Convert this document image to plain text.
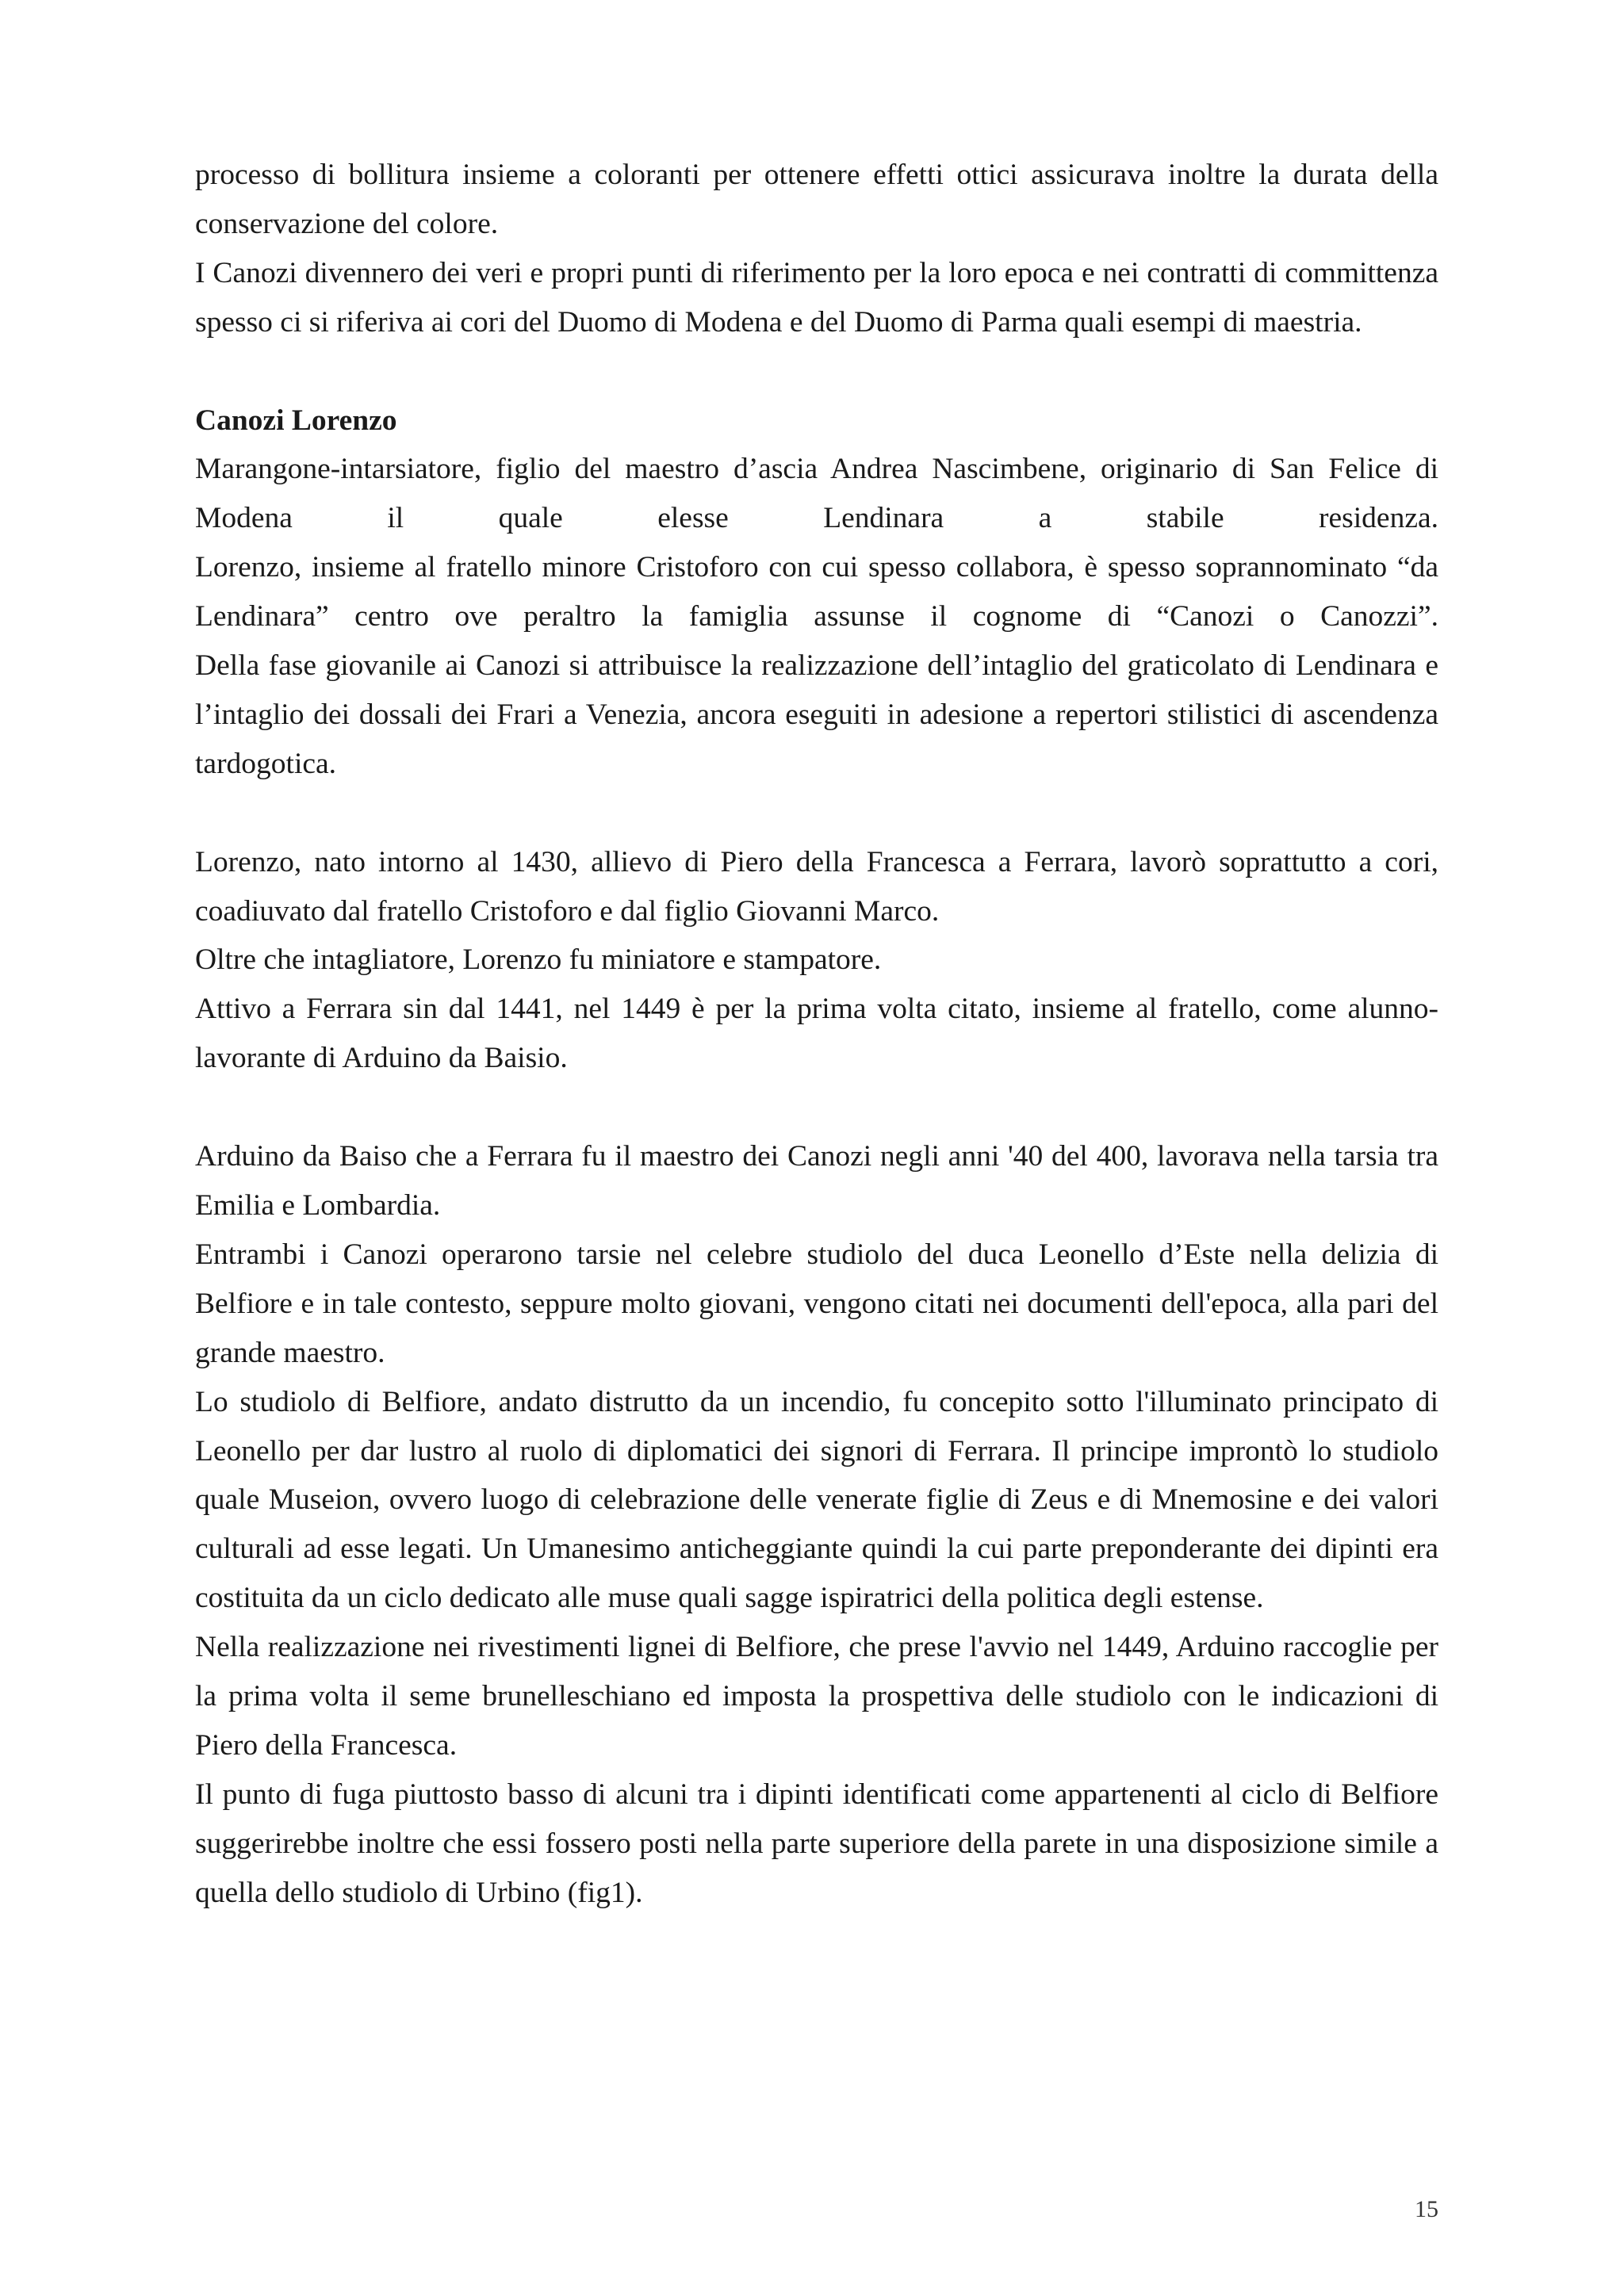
processo di bollitura insieme a coloranti per ottenere effetti ottici assicurava inoltre la durata della conservazione del colore.

I Canozi divennero dei veri e propri punti di riferimento per la loro epoca e nei contratti di committenza spesso ci si riferiva ai cori del Duomo di Modena e del Duomo di Parma quali esempi di maestria.

Canozi Lorenzo

Marangone-intarsiatore, figlio del maestro d’ascia Andrea Nascimbene, originario di San Felice di Modena il quale elesse Lendinara a stabile residenza.

Lorenzo, insieme al fratello minore Cristoforo con cui spesso collabora, è spesso soprannominato “da Lendinara” centro ove peraltro la famiglia assunse il cognome di “Canozi o Canozzi”.

Della fase giovanile ai Canozi si attribuisce la realizzazione dell’intaglio del graticolato di Lendinara e l’intaglio dei dossali dei Frari a Venezia, ancora eseguiti in adesione a repertori stilistici di ascendenza tardogotica.

Lorenzo, nato intorno al 1430, allievo di Piero della Francesca a Ferrara, lavorò soprattutto a cori, coadiuvato dal fratello Cristoforo e dal figlio Giovanni Marco.

Oltre che intagliatore, Lorenzo fu miniatore e stampatore.

Attivo a Ferrara sin dal 1441, nel 1449 è per la prima volta citato, insieme al fratello, come alunno-lavorante di Arduino da Baisio.

Arduino da Baiso che a Ferrara fu il maestro dei Canozi negli anni '40 del 400, lavorava nella tarsia tra Emilia e Lombardia.

Entrambi i Canozi operarono tarsie nel celebre studiolo del duca Leonello d’Este nella delizia di Belfiore e in tale contesto, seppure molto giovani, vengono citati nei documenti dell'epoca, alla pari del grande maestro.

Lo studiolo di Belfiore, andato distrutto da un incendio, fu concepito sotto l'illuminato principato di Leonello per dar lustro al ruolo di diplomatici dei signori di Ferrara. Il principe improntò lo studiolo quale Museion, ovvero luogo di celebrazione delle venerate figlie di Zeus e di Mnemosine e dei valori culturali ad esse legati. Un Umanesimo anticheggiante quindi la cui parte preponderante dei dipinti era costituita da un ciclo dedicato alle muse quali sagge ispiratrici della politica degli estense.

Nella realizzazione nei rivestimenti lignei di Belfiore, che prese l'avvio nel 1449, Arduino raccoglie per la prima volta il seme brunelleschiano ed imposta la prospettiva delle studiolo con le indicazioni di Piero della Francesca.

Il punto di fuga piuttosto basso di alcuni tra i dipinti identificati come appartenenti al ciclo di Belfiore suggerirebbe inoltre che essi fossero posti nella parte superiore della parete in una disposizione simile a quella dello studiolo di Urbino (fig1).

15
